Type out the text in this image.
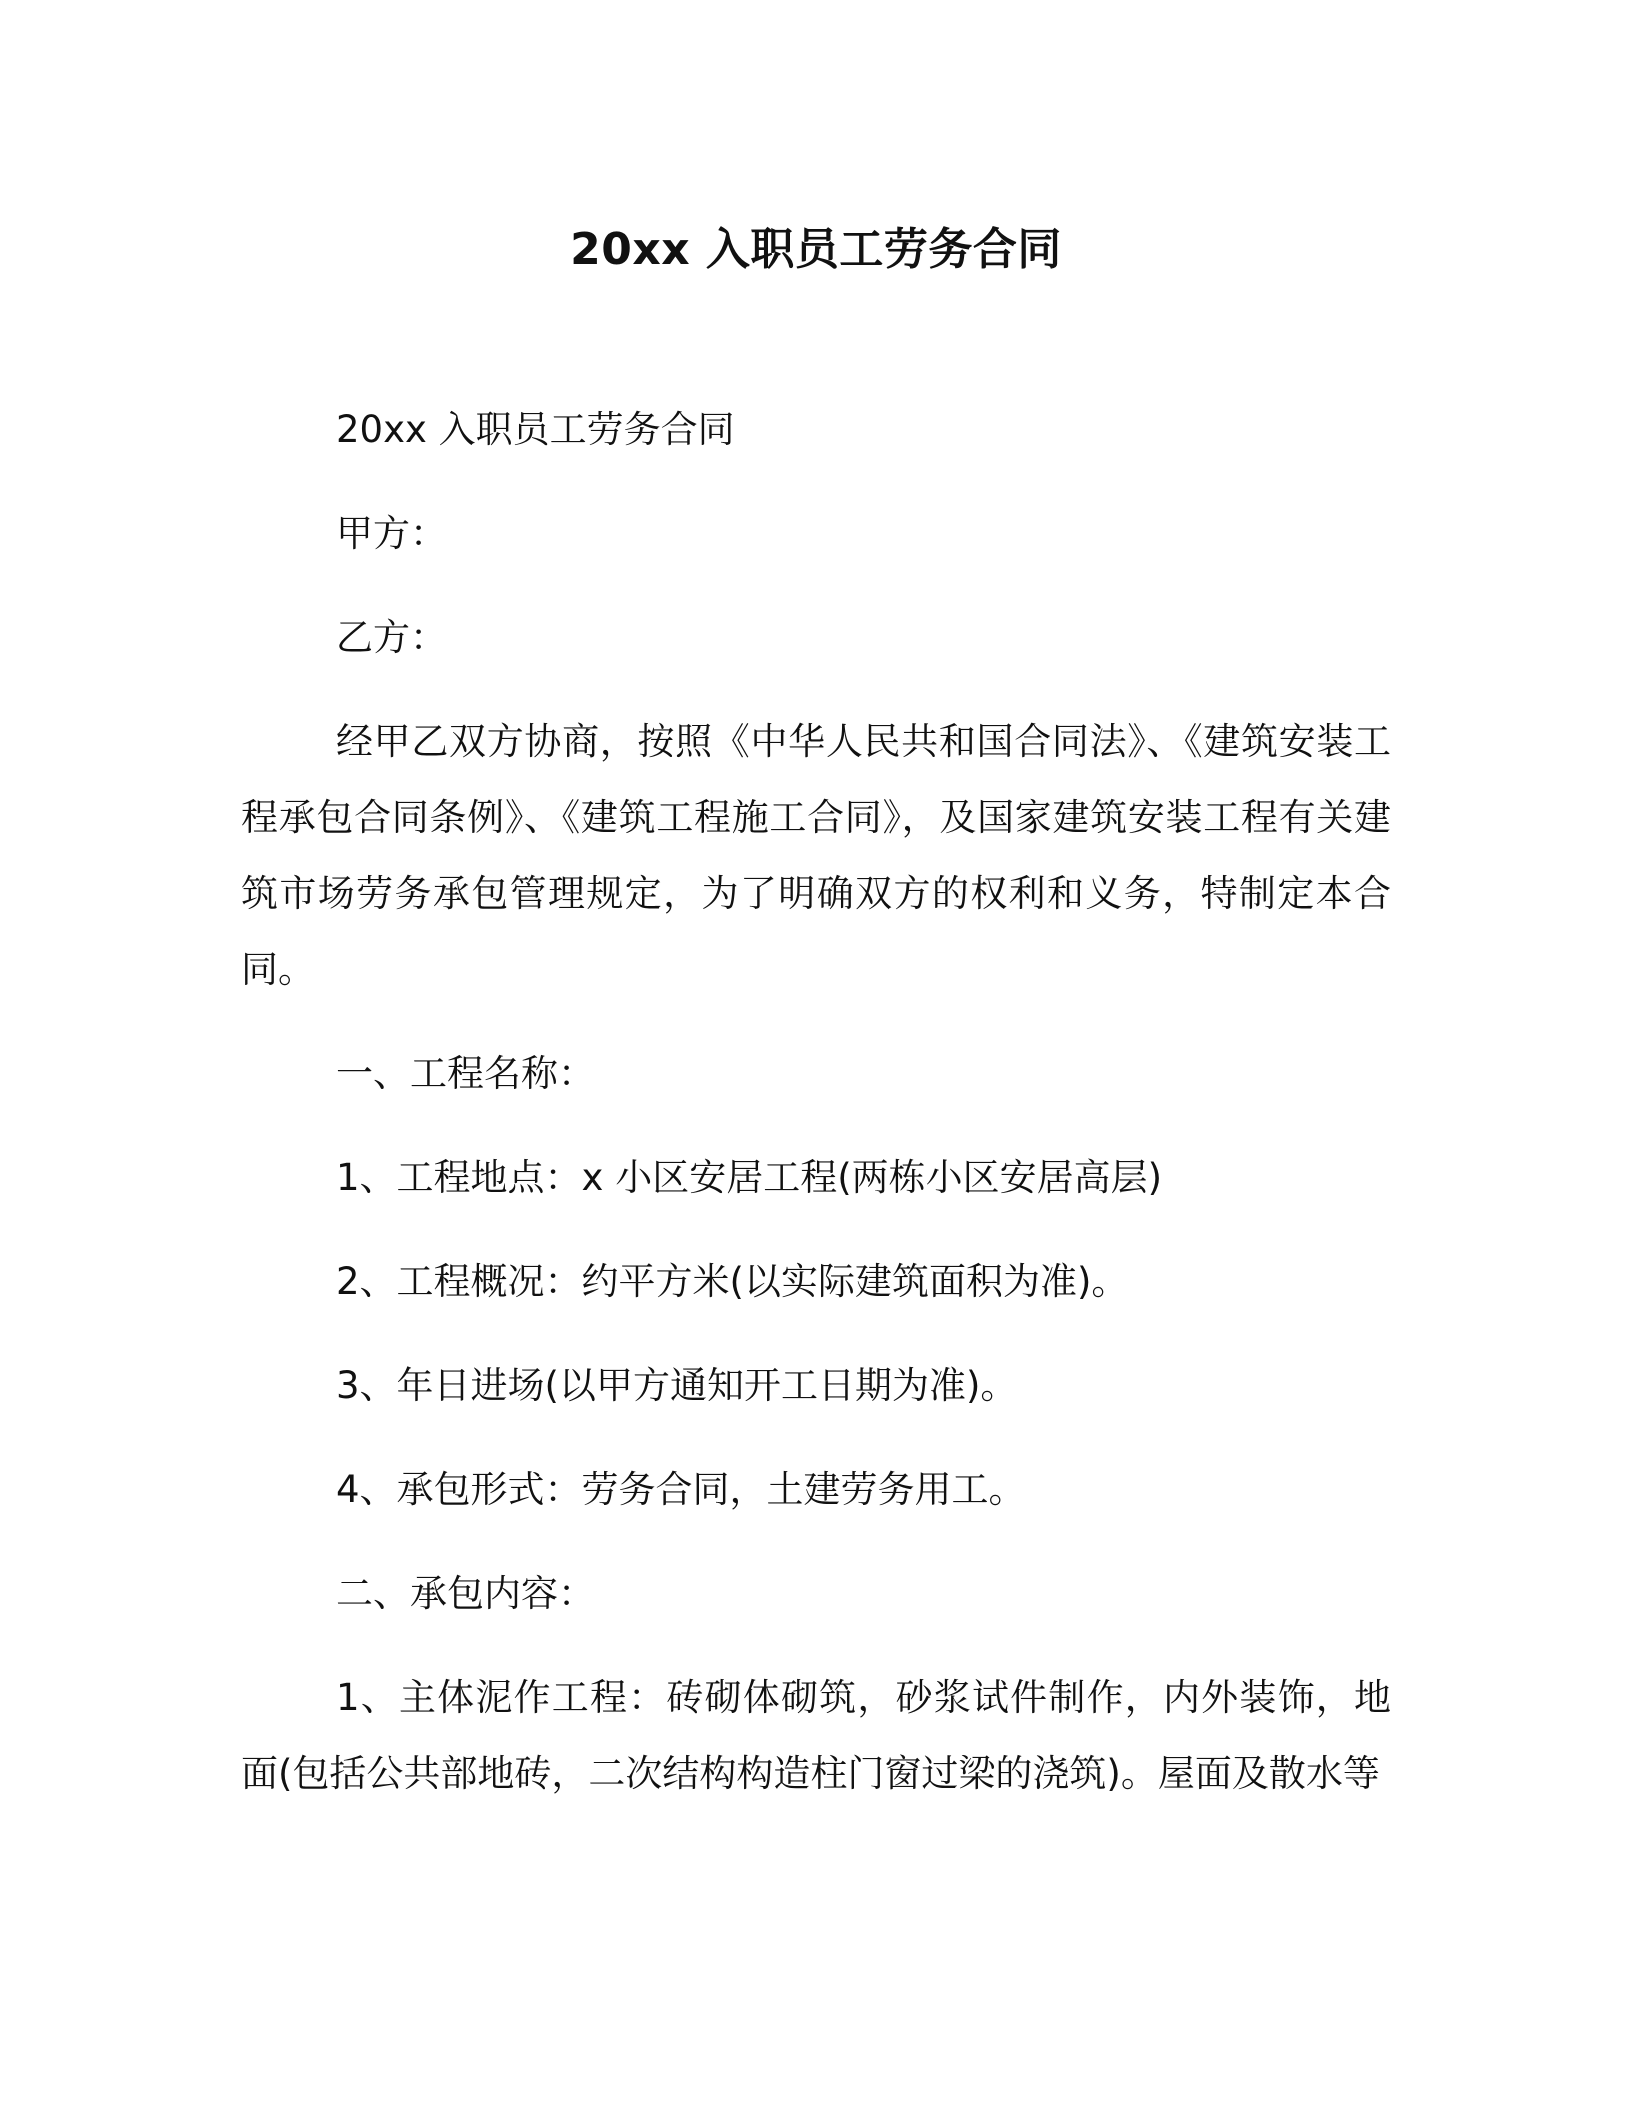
20xx 入职员工劳务合同

20xx 入职员工劳务合同

甲方：

乙方：

经甲乙双方协商，按照《中华人民共和国合同法》、《建筑安装工程承包合同条例》、《建筑工程施工合同》，及国家建筑安装工程有关建筑市场劳务承包管理规定，为了明确双方的权利和义务，特制定本合同。

一、工程名称：

1、工程地点：x 小区安居工程(两栋小区安居高层)

2、工程概况：约平方米(以实际建筑面积为准)。

3、年日进场(以甲方通知开工日期为准)。

4、承包形式：劳务合同，土建劳务用工。

二、承包内容：

1、主体泥作工程：砖砌体砌筑，砂浆试件制作，内外装饰，地面(包括公共部地砖，二次结构构造柱门窗过梁的浇筑)。屋面及散水等
